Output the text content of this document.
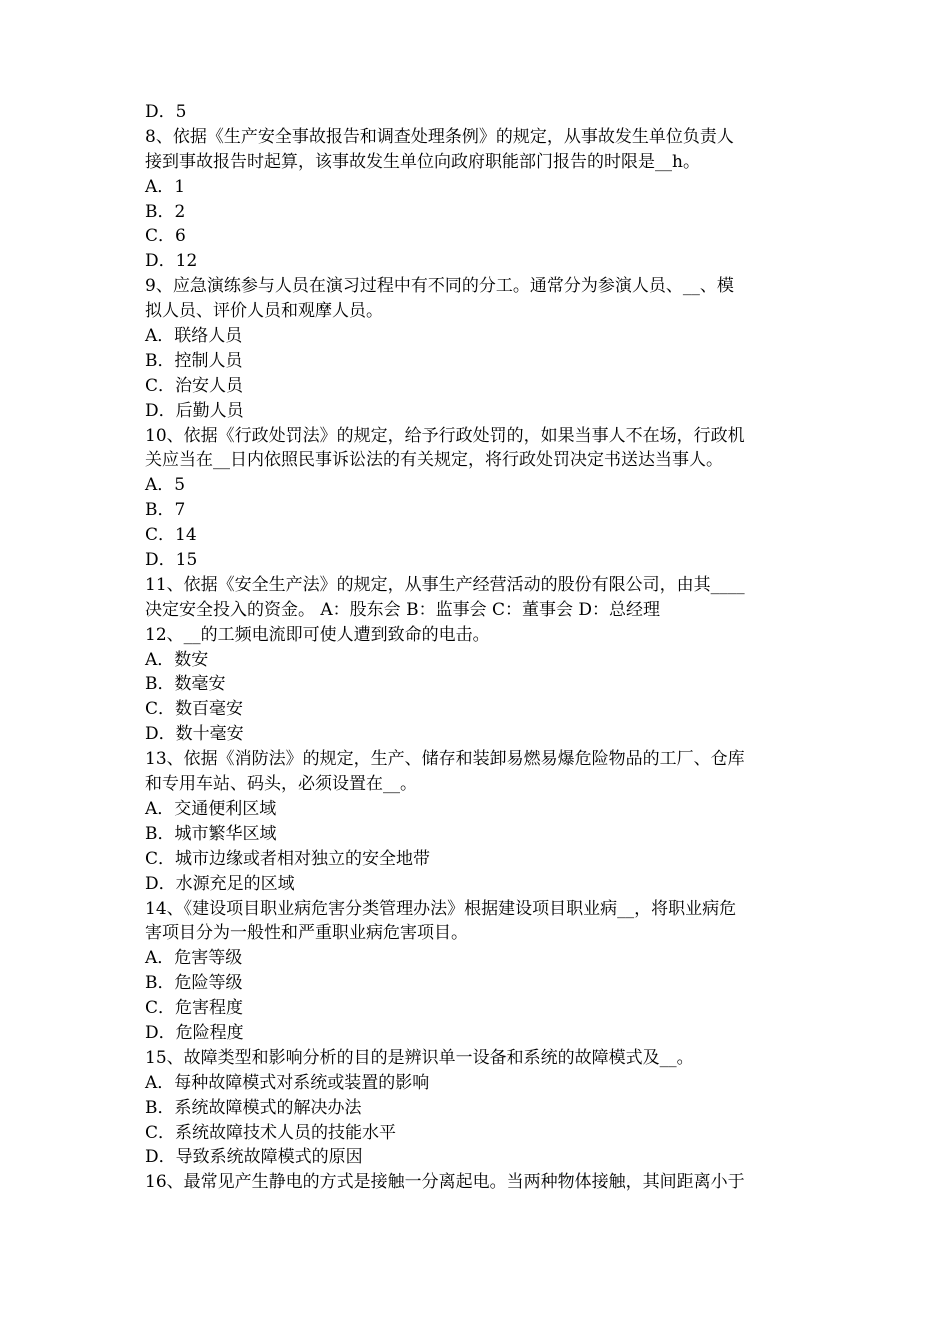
D．5
8、依据《生产安全事故报告和调查处理条例》的规定，从事故发生单位负责人
接到事故报告时起算，该事故发生单位向政府职能部门报告的时限是__h。
A．1
B．2
C．6
D．12
9、应急演练参与人员在演习过程中有不同的分工。通常分为参演人员、__、模
拟人员、评价人员和观摩人员。
A．联络人员
B．控制人员
C．治安人员
D．后勤人员
10、依据《行政处罚法》的规定，给予行政处罚的，如果当事人不在场，行政机
关应当在__日内依照民事诉讼法的有关规定，将行政处罚决定书送达当事人。
A．5
B．7
C．14
D．15
11、依据《安全生产法》的规定，从事生产经营活动的股份有限公司，由其____
决定安全投入的资金。 A：股东会 B：监事会 C：董事会 D：总经理
12、__的工频电流即可使人遭到致命的电击。
A．数安
B．数毫安
C．数百毫安
D．数十毫安
13、依据《消防法》的规定，生产、储存和装卸易燃易爆危险物品的工厂、仓库
和专用车站、码头，必须设置在__。
A．交通便利区域
B．城市繁华区域
C．城市边缘或者相对独立的安全地带
D．水源充足的区域
14、《建设项目职业病危害分类管理办法》根据建设项目职业病__，将职业病危
害项目分为一般性和严重职业病危害项目。
A．危害等级
B．危险等级
C．危害程度
D．危险程度
15、故障类型和影响分析的目的是辨识单一设备和系统的故障模式及__。
A．每种故障模式对系统或装置的影响
B．系统故障模式的解决办法
C．系统故障技术人员的技能水平
D．导致系统故障模式的原因
16、最常见产生静电的方式是接触一分离起电。当两种物体接触，其间距离小于
